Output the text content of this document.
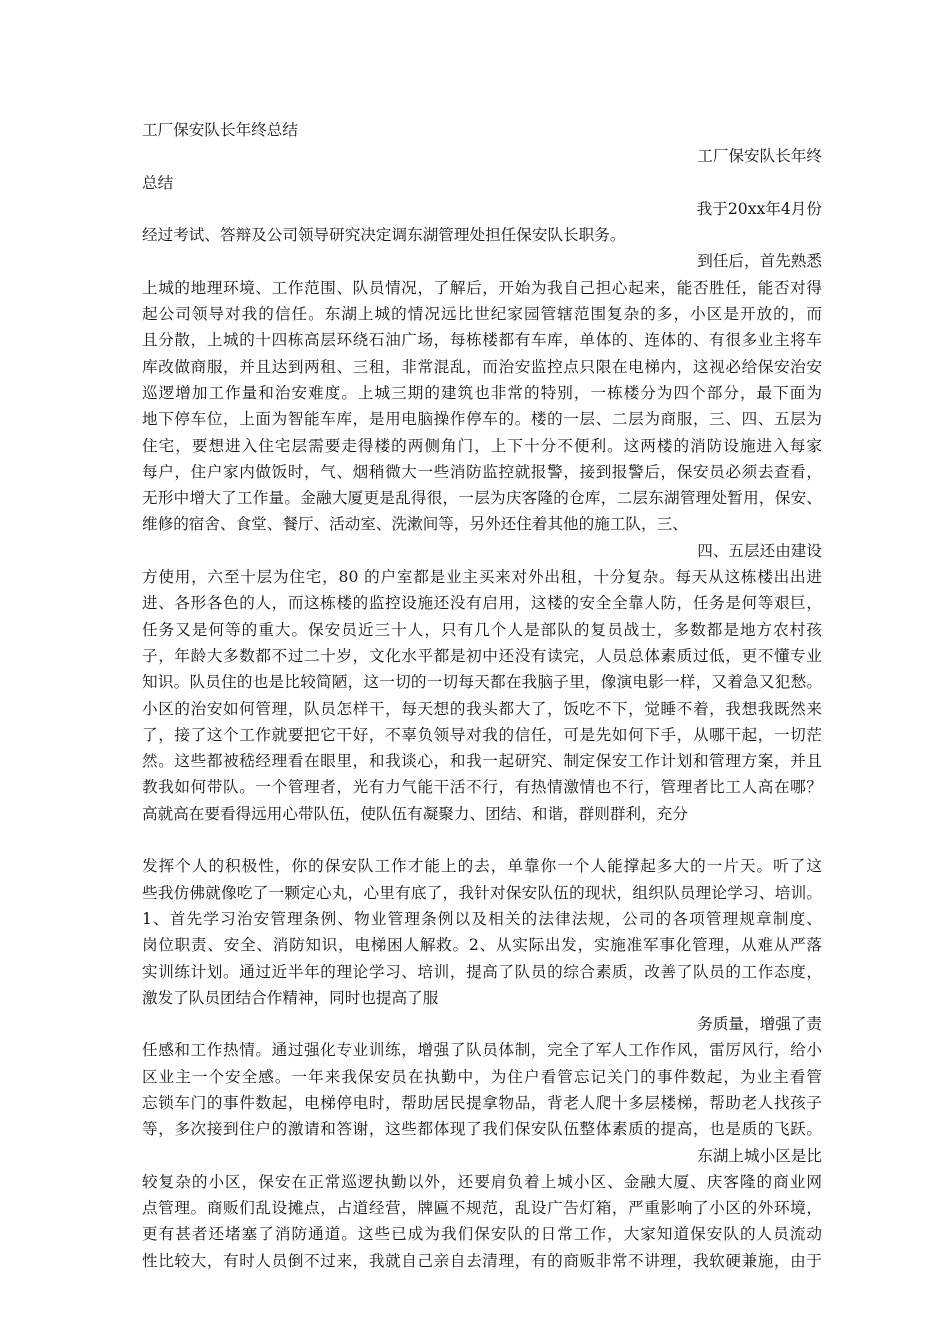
工厂保安队长年终总结
工厂保安队长年终
总结
我于20xx年4月份
经过考试、答辩及公司领导研究决定调东湖管理处担任保安队长职务。
到任后，首先熟悉
上城的地理环境、工作范围、队员情况，了解后，开始为我自己担心起来，能否胜任，能否对得
起公司领导对我的信任。东湖上城的情况远比世纪家园管辖范围复杂的多，小区是开放的，而
且分散，上城的十四栋高层环绕石油广场，每栋楼都有车库，单体的、连体的、有很多业主将车
库改做商服，并且达到两租、三租，非常混乱，而治安监控点只限在电梯内，这视必给保安治安
巡逻增加工作量和治安难度。上城三期的建筑也非常的特别，一栋楼分为四个部分，最下面为
地下停车位，上面为智能车库，是用电脑操作停车的。楼的一层、二层为商服，三、四、五层为
住宅，要想进入住宅层需要走得楼的两侧角门，上下十分不便利。这两楼的消防设施进入每家
每户，住户家内做饭时，气、烟稍微大一些消防监控就报警，接到报警后，保安员必须去查看，
无形中增大了工作量。金融大厦更是乱得很，一层为庆客隆的仓库，二层东湖管理处暂用，保安、
维修的宿舍、食堂、餐厅、活动室、洗漱间等，另外还住着其他的施工队，三、
四、五层还由建设
方使用，六至十层为住宅，80 的户室都是业主买来对外出租，十分复杂。每天从这栋楼出出进
进、各形各色的人，而这栋楼的监控设施还没有启用，这楼的安全全靠人防，任务是何等艰巨，
任务又是何等的重大。保安员近三十人，只有几个人是部队的复员战士，多数都是地方农村孩
子，年龄大多数都不过二十岁，文化水平都是初中还没有读完，人员总体素质过低，更不懂专业
知识。队员住的也是比较简陋，这一切的一切每天都在我脑子里，像演电影一样，又着急又犯愁。
小区的治安如何管理，队员怎样干，每天想的我头都大了，饭吃不下，觉睡不着，我想我既然来
了，接了这个工作就要把它干好，不辜负领导对我的信任，可是先如何下手，从哪干起，一切茫
然。这些都被嵇经理看在眼里，和我谈心，和我一起研究、制定保安工作计划和管理方案，并且
教我如何带队。一个管理者，光有力气能干活不行，有热情激情也不行，管理者比工人高在哪？
高就高在要看得远用心带队伍，使队伍有凝聚力、团结、和谐，群则群利，充分
发挥个人的积极性，你的保安队工作才能上的去，单靠你一个人能撑起多大的一片天。听了这
些我仿佛就像吃了一颗定心丸，心里有底了，我针对保安队伍的现状，组织队员理论学习、培训。
1、首先学习治安管理条例、物业管理条例以及相关的法律法规，公司的各项管理规章制度、
岗位职责、安全、消防知识，电梯困人解救。2、从实际出发，实施准军事化管理，从难从严落
实训练计划。通过近半年的理论学习、培训，提高了队员的综合素质，改善了队员的工作态度，
激发了队员团结合作精神，同时也提高了服
务质量，增强了责
任感和工作热情。通过强化专业训练，增强了队员体制，完全了军人工作作风，雷厉风行，给小
区业主一个安全感。一年来我保安员在执勤中，为住户看管忘记关门的事件数起，为业主看管
忘锁车门的事件数起，电梯停电时，帮助居民提拿物品，背老人爬十多层楼梯，帮助老人找孩子
等，多次接到住户的激请和答谢，这些都体现了我们保安队伍整体素质的提高，也是质的飞跃。
东湖上城小区是比
较复杂的小区，保安在正常巡逻执勤以外，还要肩负着上城小区、金融大厦、庆客隆的商业网
点管理。商贩们乱设摊点，占道经营，牌匾不规范，乱设广告灯箱，严重影响了小区的外环境，
更有甚者还堵塞了消防通道。这些已成为我们保安队的日常工作，大家知道保安队的人员流动
性比较大，有时人员倒不过来，我就自己亲自去清理，有的商贩非常不讲理，我软硬兼施，由于
